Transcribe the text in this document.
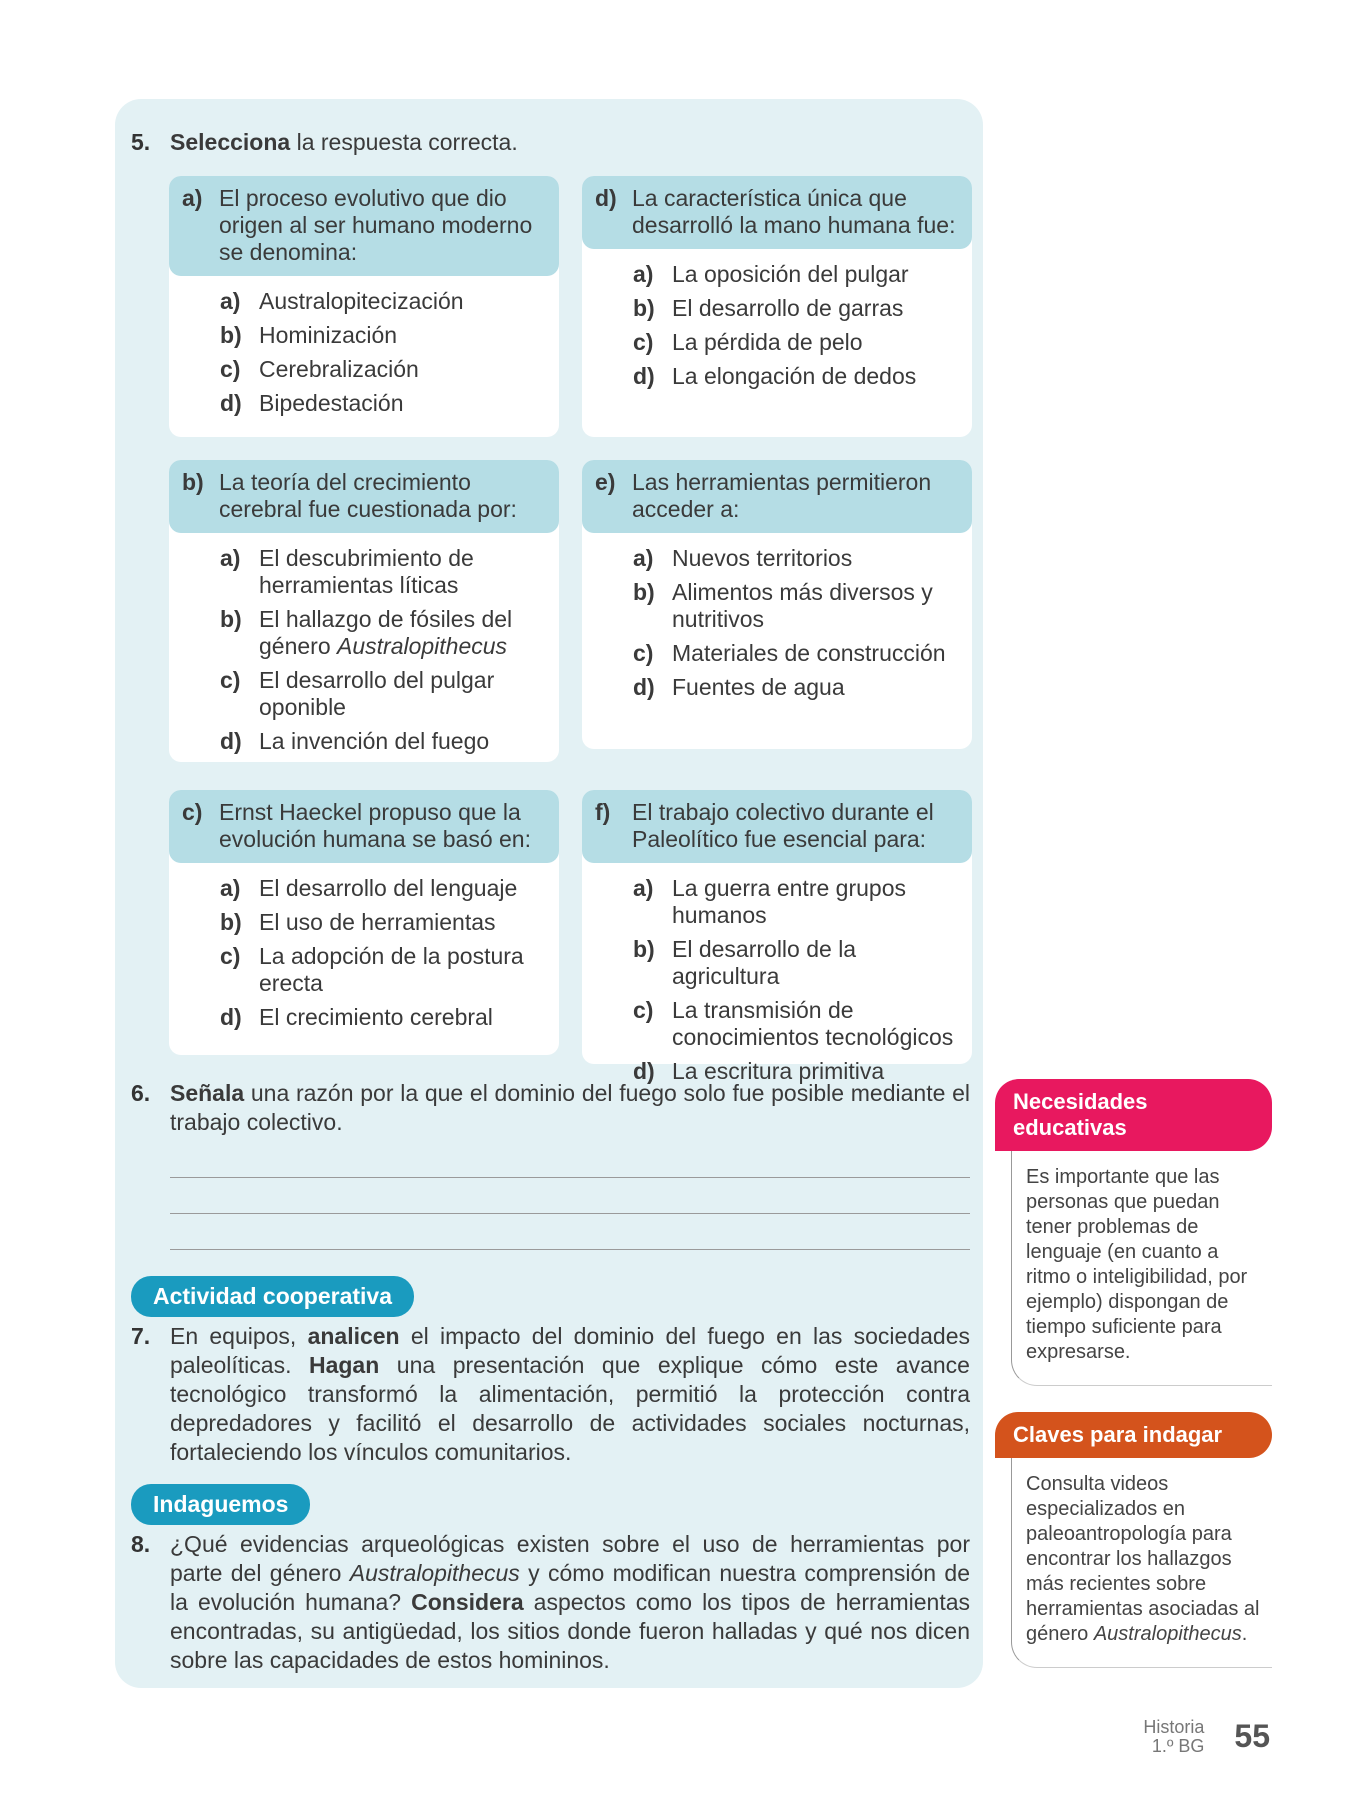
5. Selecciona la respuesta correcta.
a) El proceso evolutivo que dio origen al ser humano moderno se denomina:
a) Australopitecización
b) Hominización
c) Cerebralización
d) Bipedestación
d) La característica única que desarrolló la mano humana fue:
a) La oposición del pulgar
b) El desarrollo de garras
c) La pérdida de pelo
d) La elongación de dedos
b) La teoría del crecimiento cerebral fue cuestionada por:
a) El descubrimiento de herramientas líticas
b) El hallazgo de fósiles del género Australopithecus
c) El desarrollo del pulgar oponible
d) La invención del fuego
e) Las herramientas permitieron acceder a:
a) Nuevos territorios
b) Alimentos más diversos y nutritivos
c) Materiales de construcción
d) Fuentes de agua
c) Ernst Haeckel propuso que la evolución humana se basó en:
a) El desarrollo del lenguaje
b) El uso de herramientas
c) La adopción de la postura erecta
d) El crecimiento cerebral
f) El trabajo colectivo durante el Paleolítico fue esencial para:
a) La guerra entre grupos humanos
b) El desarrollo de la agricultura
c) La transmisión de conocimientos tecnológicos
d) La escritura primitiva
6. Señala una razón por la que el dominio del fuego solo fue posible mediante el trabajo colectivo.
Actividad cooperativa
7. En equipos, analicen el impacto del dominio del fuego en las sociedades paleolíticas. Hagan una presentación que explique cómo este avance tecnológico transformó la alimentación, permitió la protección contra depredadores y facilitó el desarrollo de actividades sociales nocturnas, fortaleciendo los vínculos comunitarios.
Indaguemos
8. ¿Qué evidencias arqueológicas existen sobre el uso de herramientas por parte del género Australopithecus y cómo modifican nuestra comprensión de la evolución humana? Considera aspectos como los tipos de herramientas encontradas, su antigüedad, los sitios donde fueron halladas y qué nos dicen sobre las capacidades de estos homininos.
Necesidades educativas
Es importante que las personas que puedan tener problemas de lenguaje (en cuanto a ritmo o inteligibilidad, por ejemplo) dispongan de tiempo suficiente para expresarse.
Claves para indagar
Consulta videos especializados en paleoantropología para encontrar los hallazgos más recientes sobre herramientas asociadas al género Australopithecus.
Historia
1.º BG 55
